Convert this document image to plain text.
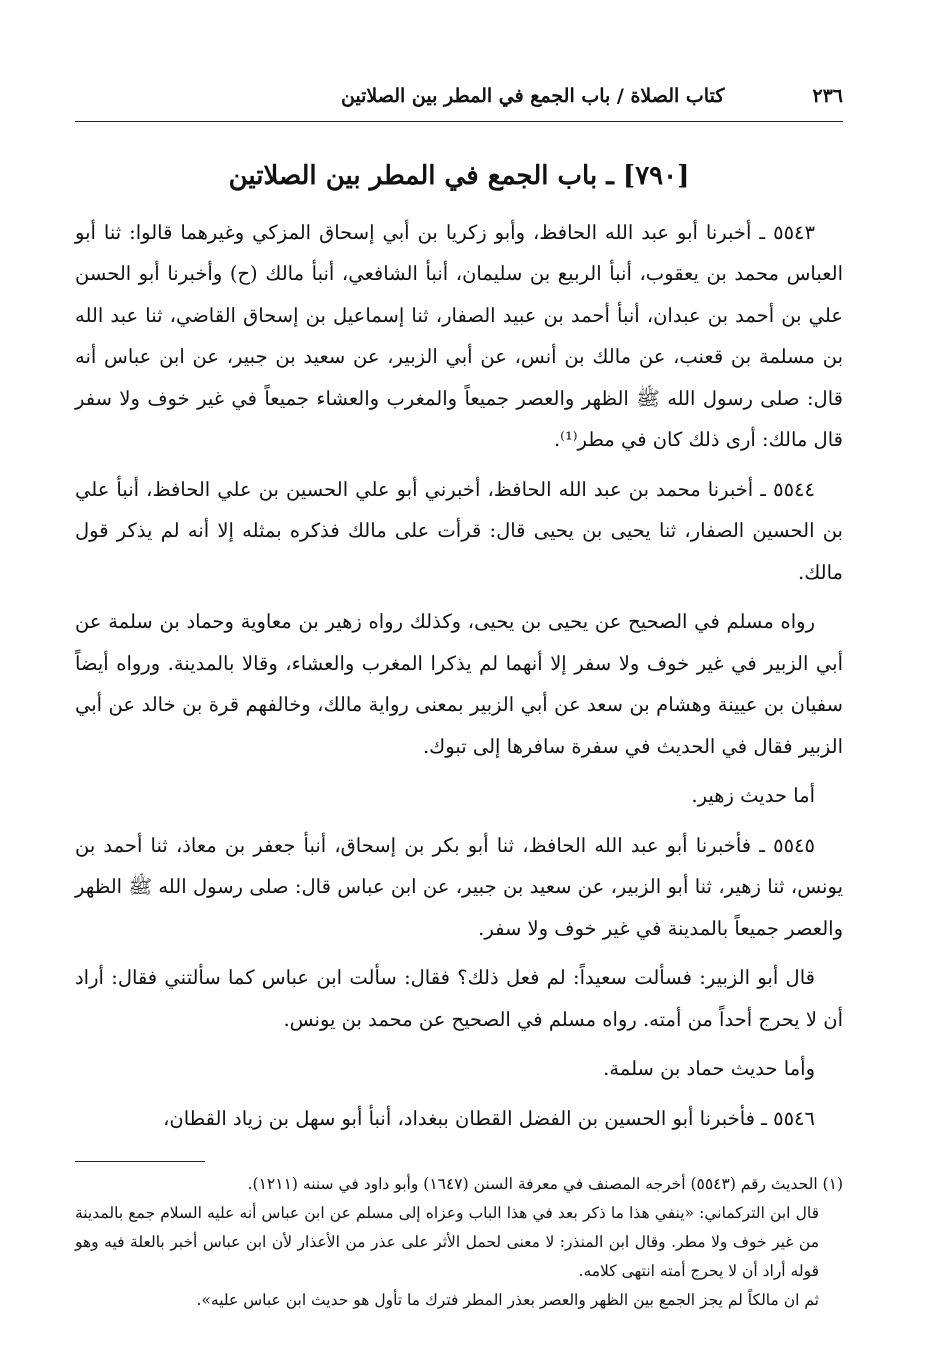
٢٣٦
كتاب الصلاة / باب الجمع في المطر بين الصلاتين
[٧٩٠] ـ باب الجمع في المطر بين الصلاتين

٥٥٤٣ ـ أخبرنا أبو عبد الله الحافظ، وأبو زكريا بن أبي إسحاق المزكي وغيرهما قالوا: ثنا أبو العباس محمد بن يعقوب، أنبأ الربيع بن سليمان، أنبأ الشافعي، أنبأ مالك (ح) وأخبرنا أبو الحسن علي بن أحمد بن عبدان، أنبأ أحمد بن عبيد الصفار، ثنا إسماعيل بن إسحاق القاضي، ثنا عبد الله بن مسلمة بن قعنب، عن مالك بن أنس، عن أبي الزبير، عن سعيد بن جبير، عن ابن عباس أنه قال: صلى رسول الله ﷺ الظهر والعصر جميعاً والمغرب والعشاء جميعاً في غير خوف ولا سفر قال مالك: أرى ذلك كان في مطر⁽¹⁾.

٥٥٤٤ ـ أخبرنا محمد بن عبد الله الحافظ، أخبرني أبو علي الحسين بن علي الحافظ، أنبأ علي بن الحسين الصفار، ثنا يحيى بن يحيى قال: قرأت على مالك فذكره بمثله إلا أنه لم يذكر قول مالك.

رواه مسلم في الصحيح عن يحيى بن يحيى، وكذلك رواه زهير بن معاوية وحماد بن سلمة عن أبي الزبير في غير خوف ولا سفر إلا أنهما لم يذكرا المغرب والعشاء، وقالا بالمدينة. ورواه أيضاً سفيان بن عيينة وهشام بن سعد عن أبي الزبير بمعنى رواية مالك، وخالفهم قرة بن خالد عن أبي الزبير فقال في الحديث في سفرة سافرها إلى تبوك.

أما حديث زهير.

٥٥٤٥ ـ فأخبرنا أبو عبد الله الحافظ، ثنا أبو بكر بن إسحاق، أنبأ جعفر بن معاذ، ثنا أحمد بن يونس، ثنا زهير، ثنا أبو الزبير، عن سعيد بن جبير، عن ابن عباس قال: صلى رسول الله ﷺ الظهر والعصر جميعاً بالمدينة في غير خوف ولا سفر.

قال أبو الزبير: فسألت سعيداً: لم فعل ذلك؟ فقال: سألت ابن عباس كما سألتني فقال: أراد أن لا يحرج أحداً من أمته. رواه مسلم في الصحيح عن محمد بن يونس.

وأما حديث حماد بن سلمة.

٥٥٤٦ ـ فأخبرنا أبو الحسين بن الفضل القطان ببغداد، أنبأ أبو سهل بن زياد القطان،

(١) الحديث رقم (٥٥٤٣) أخرجه المصنف في معرفة السنن (١٦٤٧) وأبو داود في سننه (١٢١١).

قال ابن التركماني: «ينفي هذا ما ذكر بعد في هذا الباب وعزاه إلى مسلم عن ابن عباس أنه عليه السلام جمع بالمدينة من غير خوف ولا مطر. وقال ابن المنذر: لا معنى لحمل الأثر على عذر من الأعذار لأن ابن عباس أخبر بالعلة فيه وهو قوله أراد أن لا يحرج أمته انتهى كلامه.

ثم ان مالكاً لم يجز الجمع بين الظهر والعصر بعذر المطر فترك ما تأول هو حديث ابن عباس عليه».
